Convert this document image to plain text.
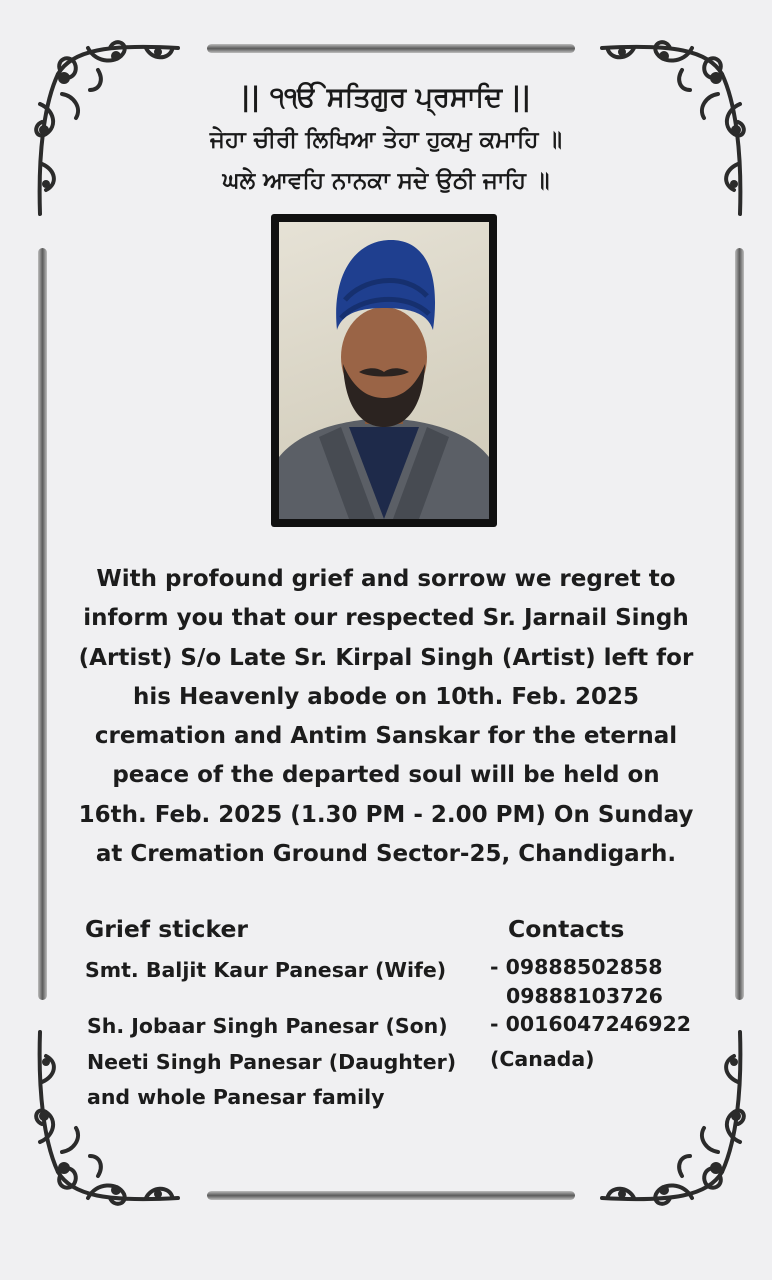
|| ੧ੴ ਸਤਿਗੁਰ ਪ੍ਰਸਾਦਿ ||
ਜੇਹਾ ਚੀਰੀ ਲਿਖਿਆ ਤੇਹਾ ਹੁਕਮੁ ਕਮਾਹਿ ॥
ਘਲੇ ਆਵਹਿ ਨਾਨਕਾ ਸਦੇ ਉਠੀ ਜਾਹਿ ॥

With profound grief and sorrow we regret to
inform you that our respected Sr. Jarnail Singh
(Artist) S/o Late Sr. Kirpal Singh (Artist) left for
his Heavenly abode on 10th. Feb. 2025
cremation and Antim Sanskar for the eternal
peace of the departed soul will be held on
16th. Feb. 2025 (1.30 PM - 2.00 PM) On Sunday
at Cremation Ground Sector-25, Chandigarh.

Grief sticker	Contacts
Smt. Baljit Kaur Panesar (Wife)
Sh. Jobaar Singh Panesar (Son)
Neeti Singh Panesar (Daughter)
and whole Panesar family
- 09888502858
09888103726
- 0016047246922
(Canada)
